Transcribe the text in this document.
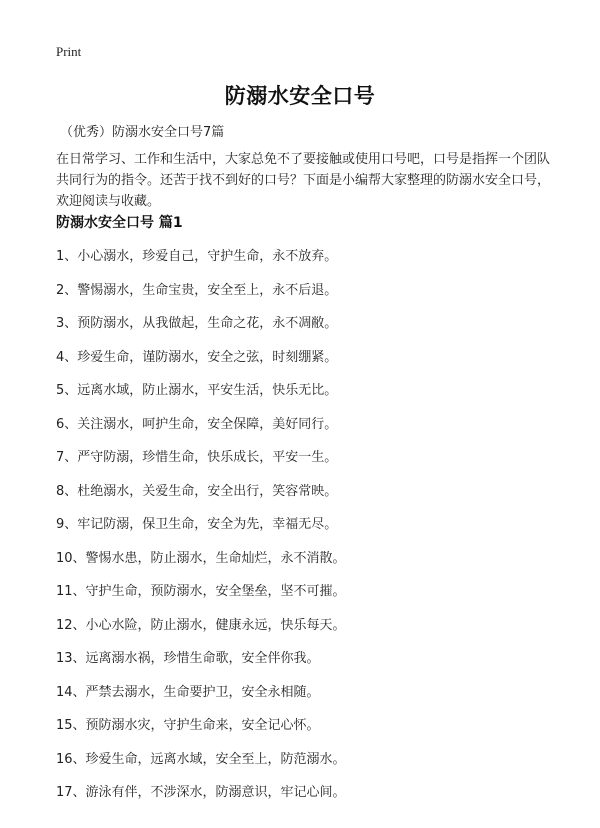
Print
防溺水安全口号

（优秀）防溺水安全口号7篇

在日常学习、工作和生活中，大家总免不了要接触或使用口号吧，口号是指挥一个团队共同行为的指令。还苦于找不到好的口号？下面是小编帮大家整理的防溺水安全口号，欢迎阅读与收藏。

防溺水安全口号 篇1
1、小心溺水，珍爱自己，守护生命，永不放弃。
2、警惕溺水，生命宝贵，安全至上，永不后退。
3、预防溺水，从我做起，生命之花，永不凋敝。
4、珍爱生命，谨防溺水，安全之弦，时刻绷紧。
5、远离水域，防止溺水，平安生活，快乐无比。
6、关注溺水，呵护生命，安全保障，美好同行。
7、严守防溺，珍惜生命，快乐成长，平安一生。
8、杜绝溺水，关爱生命，安全出行，笑容常映。
9、牢记防溺，保卫生命，安全为先，幸福无尽。
10、警惕水患，防止溺水，生命灿烂，永不消散。
11、守护生命，预防溺水，安全堡垒，坚不可摧。
12、小心水险，防止溺水，健康永远，快乐每天。
13、远离溺水祸，珍惜生命歌，安全伴你我。
14、严禁去溺水，生命要护卫，安全永相随。
15、预防溺水灾，守护生命来，安全记心怀。
16、珍爱生命，远离水域，安全至上，防范溺水。
17、游泳有伴，不涉深水，防溺意识，牢记心间。
